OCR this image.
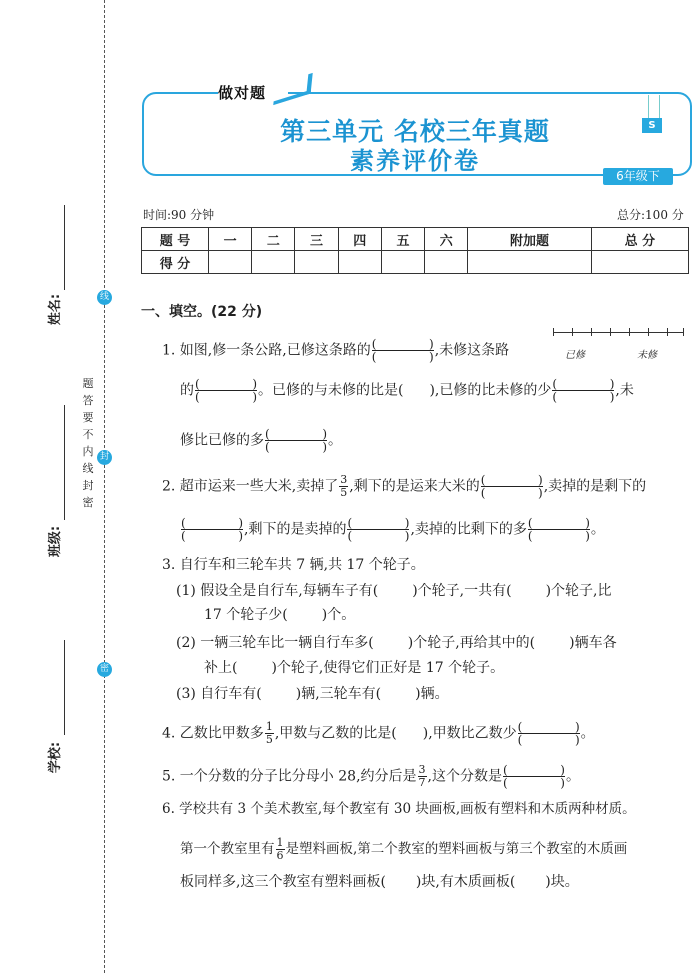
姓名:
班级:
学校:
题
答
要
不
内
线
封
密
线
封
密
做对题
第三单元 名校三年真题
素养评价卷
S
6年级下
时间:90 分钟	总分:100 分
题 号	一	二	三	四	五	六	附加题	总 分
得 分								
一、填空。(22 分)
1. 如图,修一条公路,已修这条路的 (	)
(	) ,未修这条路	已修	未修
的 (	)
(	) 。已修的与未修的比是( ),已修的比未修的少 (	)
(	) ,未
修比已修的多 (	)
(	) 。
2. 超市运来一些大米,卖掉了 $\frac{3}{5}$ ,剩下的是运来大米的 (	)
(	) ,卖掉的是剩下的
(	)
(	) ,剩下的是卖掉的 (	)
(	) ,卖掉的比剩下的多 (	)
(	) 。
3. 自行车和三轮车共 7 辆,共 17 个轮子。
(1) 假设全是自行车,每辆车子有( )个轮子,一共有( )个轮子,比
17 个轮子少( )个。
(2) 一辆三轮车比一辆自行车多( )个轮子,再给其中的( )辆车各
补上( )个轮子,使得它们正好是 17 个轮子。
(3) 自行车有( )辆,三轮车有( )辆。
4. 乙数比甲数多 $\frac{1}{5}$ ,甲数与乙数的比是( ),甲数比乙数少 (	)
(	) 。
5. 一个分数的分子比分母小 28,约分后是 $\frac{3}{7}$ ,这个分数是 (	)
(	) 。
6. 学校共有 3 个美术教室,每个教室有 30 块画板,画板有塑料和木质两种材质。
第一个教室里有 $\frac{1}{6}$ 是塑料画板,第二个教室的塑料画板与第三个教室的木质画
板同样多,这三个教室有塑料画板( )块,有木质画板( )块。
